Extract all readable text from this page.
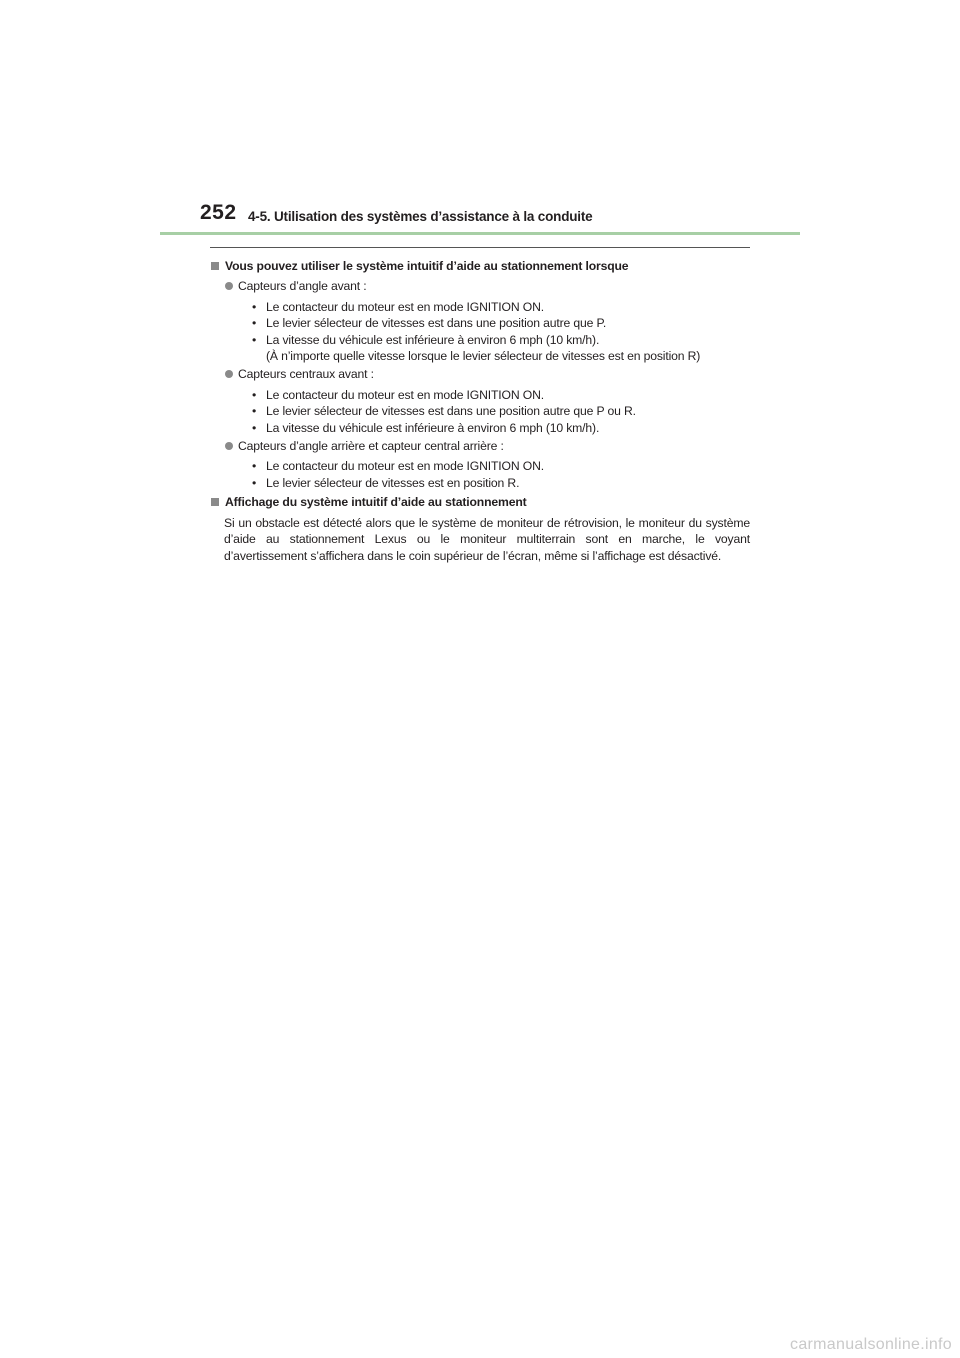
252 4-5. Utilisation des systèmes d’assistance à la conduite
Vous pouvez utiliser le système intuitif d’aide au stationnement lorsque
Capteurs d’angle avant :
• Le contacteur du moteur est en mode IGNITION ON.
• Le levier sélecteur de vitesses est dans une position autre que P.
• La vitesse du véhicule est inférieure à environ 6 mph (10 km/h).
(À n’importe quelle vitesse lorsque le levier sélecteur de vitesses est en position R)
Capteurs centraux avant :
• Le contacteur du moteur est en mode IGNITION ON.
• Le levier sélecteur de vitesses est dans une position autre que P ou R.
• La vitesse du véhicule est inférieure à environ 6 mph (10 km/h).
Capteurs d’angle arrière et capteur central arrière :
• Le contacteur du moteur est en mode IGNITION ON.
• Le levier sélecteur de vitesses est en position R.
Affichage du système intuitif d’aide au stationnement
Si un obstacle est détecté alors que le système de moniteur de rétrovision, le moniteur du système d’aide au stationnement Lexus ou le moniteur multiterrain sont en marche, le voyant d’avertissement s’affichera dans le coin supérieur de l’écran, même si l’affichage est désactivé.
carmanualsonline.info
